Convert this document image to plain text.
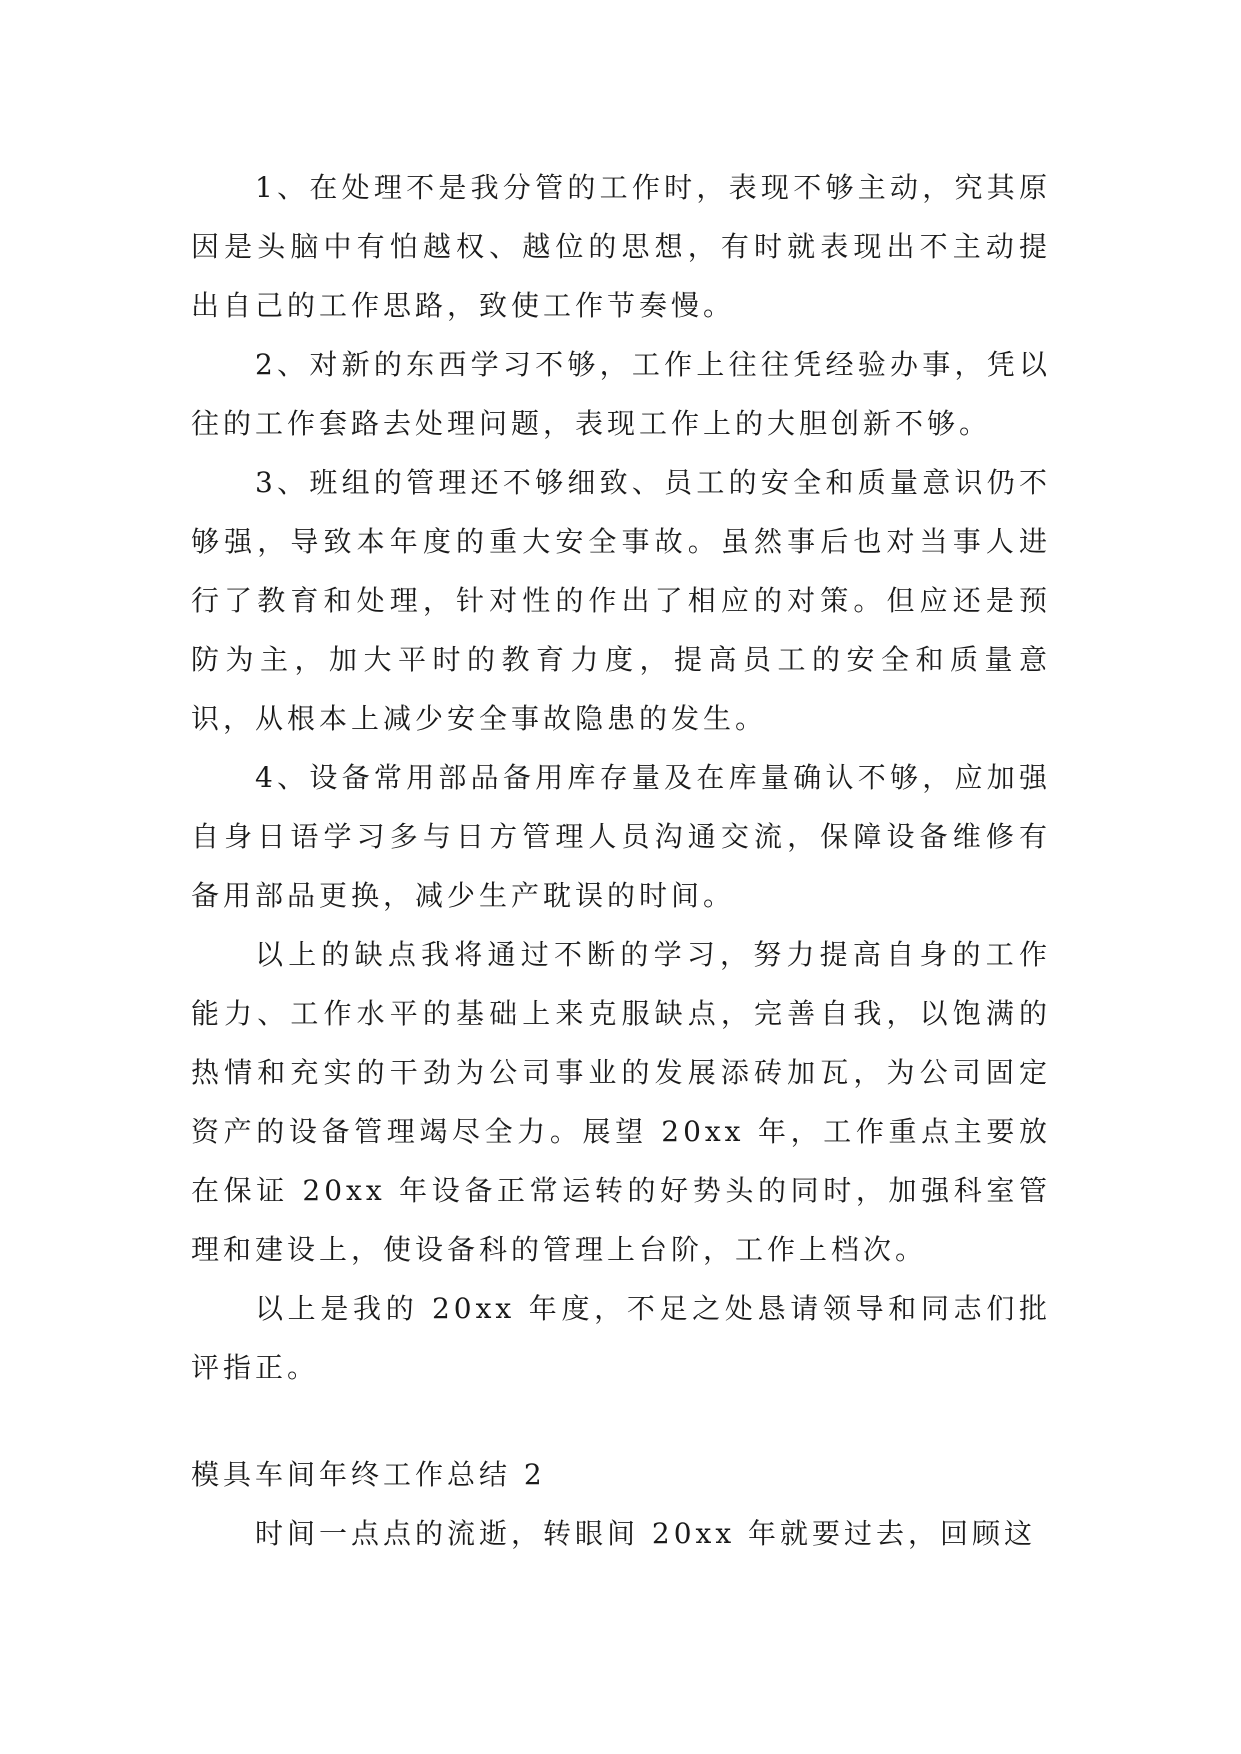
1、在处理不是我分管的工作时，表现不够主动，究其原因是头脑中有怕越权、越位的思想，有时就表现出不主动提出自己的工作思路，致使工作节奏慢。

2、对新的东西学习不够，工作上往往凭经验办事，凭以往的工作套路去处理问题，表现工作上的大胆创新不够。

3、班组的管理还不够细致、员工的安全和质量意识仍不够强，导致本年度的重大安全事故。虽然事后也对当事人进行了教育和处理，针对性的作出了相应的对策。但应还是预防为主，加大平时的教育力度，提高员工的安全和质量意识，从根本上减少安全事故隐患的发生。

4、设备常用部品备用库存量及在库量确认不够，应加强自身日语学习多与日方管理人员沟通交流，保障设备维修有备用部品更换，减少生产耽误的时间。

以上的缺点我将通过不断的学习，努力提高自身的工作能力、工作水平的基础上来克服缺点，完善自我，以饱满的热情和充实的干劲为公司事业的发展添砖加瓦，为公司固定资产的设备管理竭尽全力。展望 20xx 年，工作重点主要放在保证 20xx 年设备正常运转的好势头的同时，加强科室管理和建设上，使设备科的管理上台阶，工作上档次。

以上是我的 20xx 年度，不足之处恳请领导和同志们批评指正。

模具车间年终工作总结 2

时间一点点的流逝，转眼间 20xx 年就要过去，回顾这
